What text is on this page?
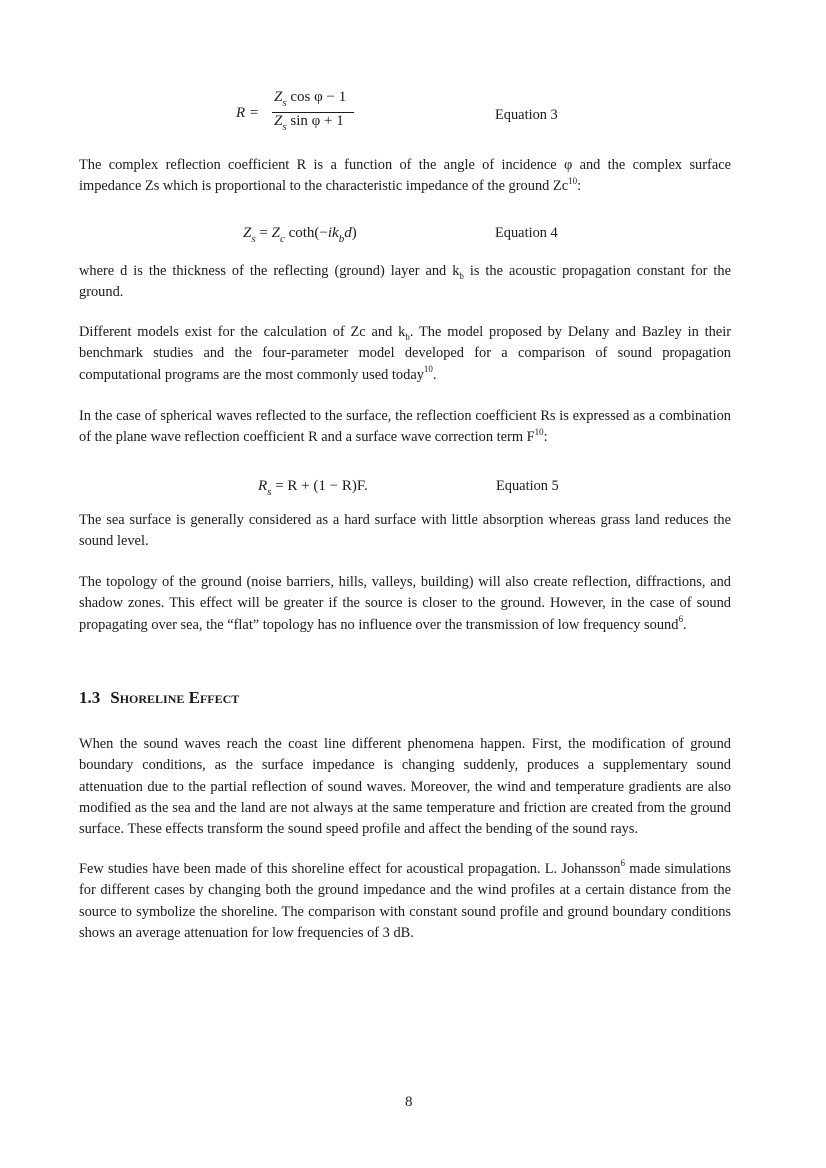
R =
$Z_s$ cos φ − 1
$Z_s$ sin φ + 1	Equation 3

The complex reflection coefficient R is a function of the angle of incidence φ and the complex surface impedance Zs which is proportional to the characteristic impedance of the ground Zc$^{10}$:

$Z_s = Z_c$ $\cot h(-ik_bd)$	Equation 4

where d is the thickness of the reflecting (ground) layer and $k_b$ is the acoustic propagation constant for the ground.

Different models exist for the calculation of Zc and $k_b$. The model proposed by Delany and Bazley in their benchmark studies and the four-parameter model developed for a comparison of sound propagation computational programs are the most commonly used today$^{10}$.

In the case of spherical waves reflected to the surface, the reflection coefficient Rs is expressed as a combination of the plane wave reflection coefficient R and a surface wave correction term $F^{10}$:

$R_s = R + (1 - R)F$.	Equation 5

The sea surface is generally considered as a hard surface with little absorption whereas grass land reduces the sound level.

The topology of the ground (noise barriers, hills, valleys, building) will also create reflection, diffractions, and shadow zones. This effect will be greater if the source is closer to the ground. However, in the case of sound propagating over sea, the “flat” topology has no influence over the transmission of low frequency sound$^6$.

1.3 Shoreline Effect

When the sound waves reach the coast line different phenomena happen. First, the modification of ground boundary conditions, as the surface impedance is changing suddenly, produces a supplementary sound attenuation due to the partial reflection of sound waves. Moreover, the wind and temperature gradients are also modified as the sea and the land are not always at the same temperature and friction are created from the ground surface. These effects transform the sound speed profile and affect the bending of the sound rays.

Few studies have been made of this shoreline effect for acoustical propagation. L. Johansson$^6$ made simulations for different cases by changing both the ground impedance and the wind profiles at a certain distance from the source to symbolize the shoreline. The comparison with constant sound profile and ground boundary conditions shows an average attenuation for low frequencies of 3 dB.

8
